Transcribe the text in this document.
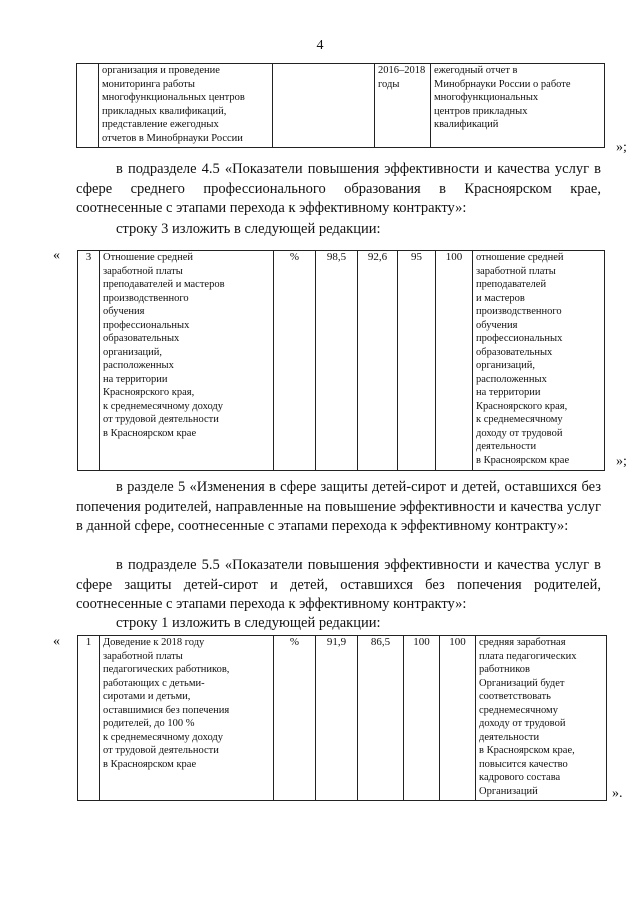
4
	организация и проведение
мониторинга работы
многофункциональных центров
прикладных квалификаций,
представление ежегодных
отчетов в Минобрнауки России		2016–2018
годы	ежегодный отчет в
Минобрнауки России о работе
многофункциональных
центров прикладных
квалификаций
»;
в подразделе 4.5 «Показатели повышения эффективности и качества услуг в сфере среднего профессионального образования в Красноярском крае, соотнесенные с этапами перехода к эффективному контракту»:
строку 3 изложить в следующей редакции:
« 3	Отношение средней
заработной платы
преподавателей и мастеров
производственного
обучения
профессиональных
образовательных
организаций,
расположенных
на территории
Красноярского края,
к среднемесячному доходу
от трудовой деятельности
в Красноярском крае	%	98,5	92,6	95	100	отношение средней
заработной платы
преподавателей
и мастеров
производственного
обучения
профессиональных
образовательных
организаций,
расположенных
на территории
Красноярского края,
к среднемесячному
доходу от трудовой
деятельности
в Красноярском крае	»;
в разделе 5 «Изменения в сфере защиты детей-сирот и детей, оставшихся без попечения родителей, направленные на повышение эффективности и качества услуг в данной сфере, соотнесенные с этапами перехода к эффективному контракту»:
в подразделе 5.5 «Показатели повышения эффективности и качества услуг в сфере защиты детей-сирот и детей, оставшихся без попечения родителей, соотнесенные с этапами перехода к эффективному контракту»:
строку 1 изложить в следующей редакции:
« 1	Доведение к 2018 году
заработной платы
педагогических работников,
работающих с детьми-
сиротами и детьми,
оставшимися без попечения
родителей, до 100 %
к среднемесячному доходу
от трудовой деятельности
в Красноярском крае	%	91,9	86,5	100	100	средняя заработная
плата педагогических
работников
Организаций будет
соответствовать
среднемесячному
доходу от трудовой
деятельности
в Красноярском крае,
повысится качество
кадрового состава
Организаций	».
